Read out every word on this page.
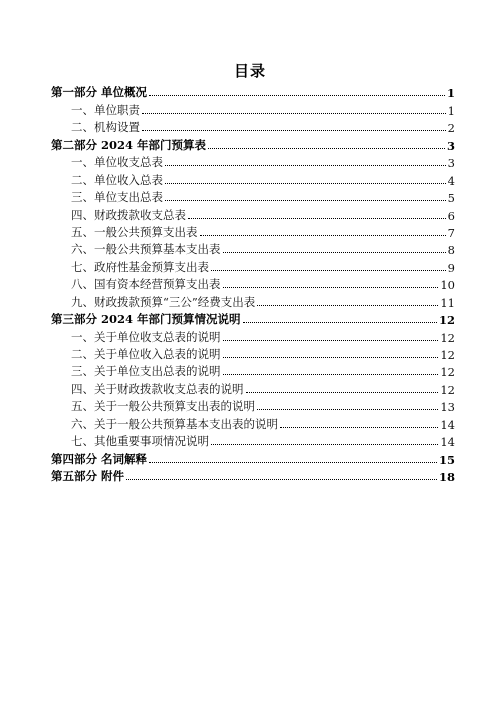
目录
第一部分 单位概况	1
一、单位职责	1
二、机构设置	2
第二部分 2024 年部门预算表	3
一、单位收支总表	3
二、单位收入总表	4
三、单位支出总表	5
四、财政拨款收支总表	6
五、一般公共预算支出表	7
六、一般公共预算基本支出表	8
七、政府性基金预算支出表	9
八、国有资本经营预算支出表	10
九、财政拨款预算“三公”经费支出表	11
第三部分 2024 年部门预算情况说明	12
一、关于单位收支总表的说明	12
二、关于单位收入总表的说明	12
三、关于单位支出总表的说明	12
四、关于财政拨款收支总表的说明	12
五、关于一般公共预算支出表的说明	13
六、关于一般公共预算基本支出表的说明	14
七、其他重要事项情况说明	14
第四部分 名词解释	15
第五部分 附件	18
